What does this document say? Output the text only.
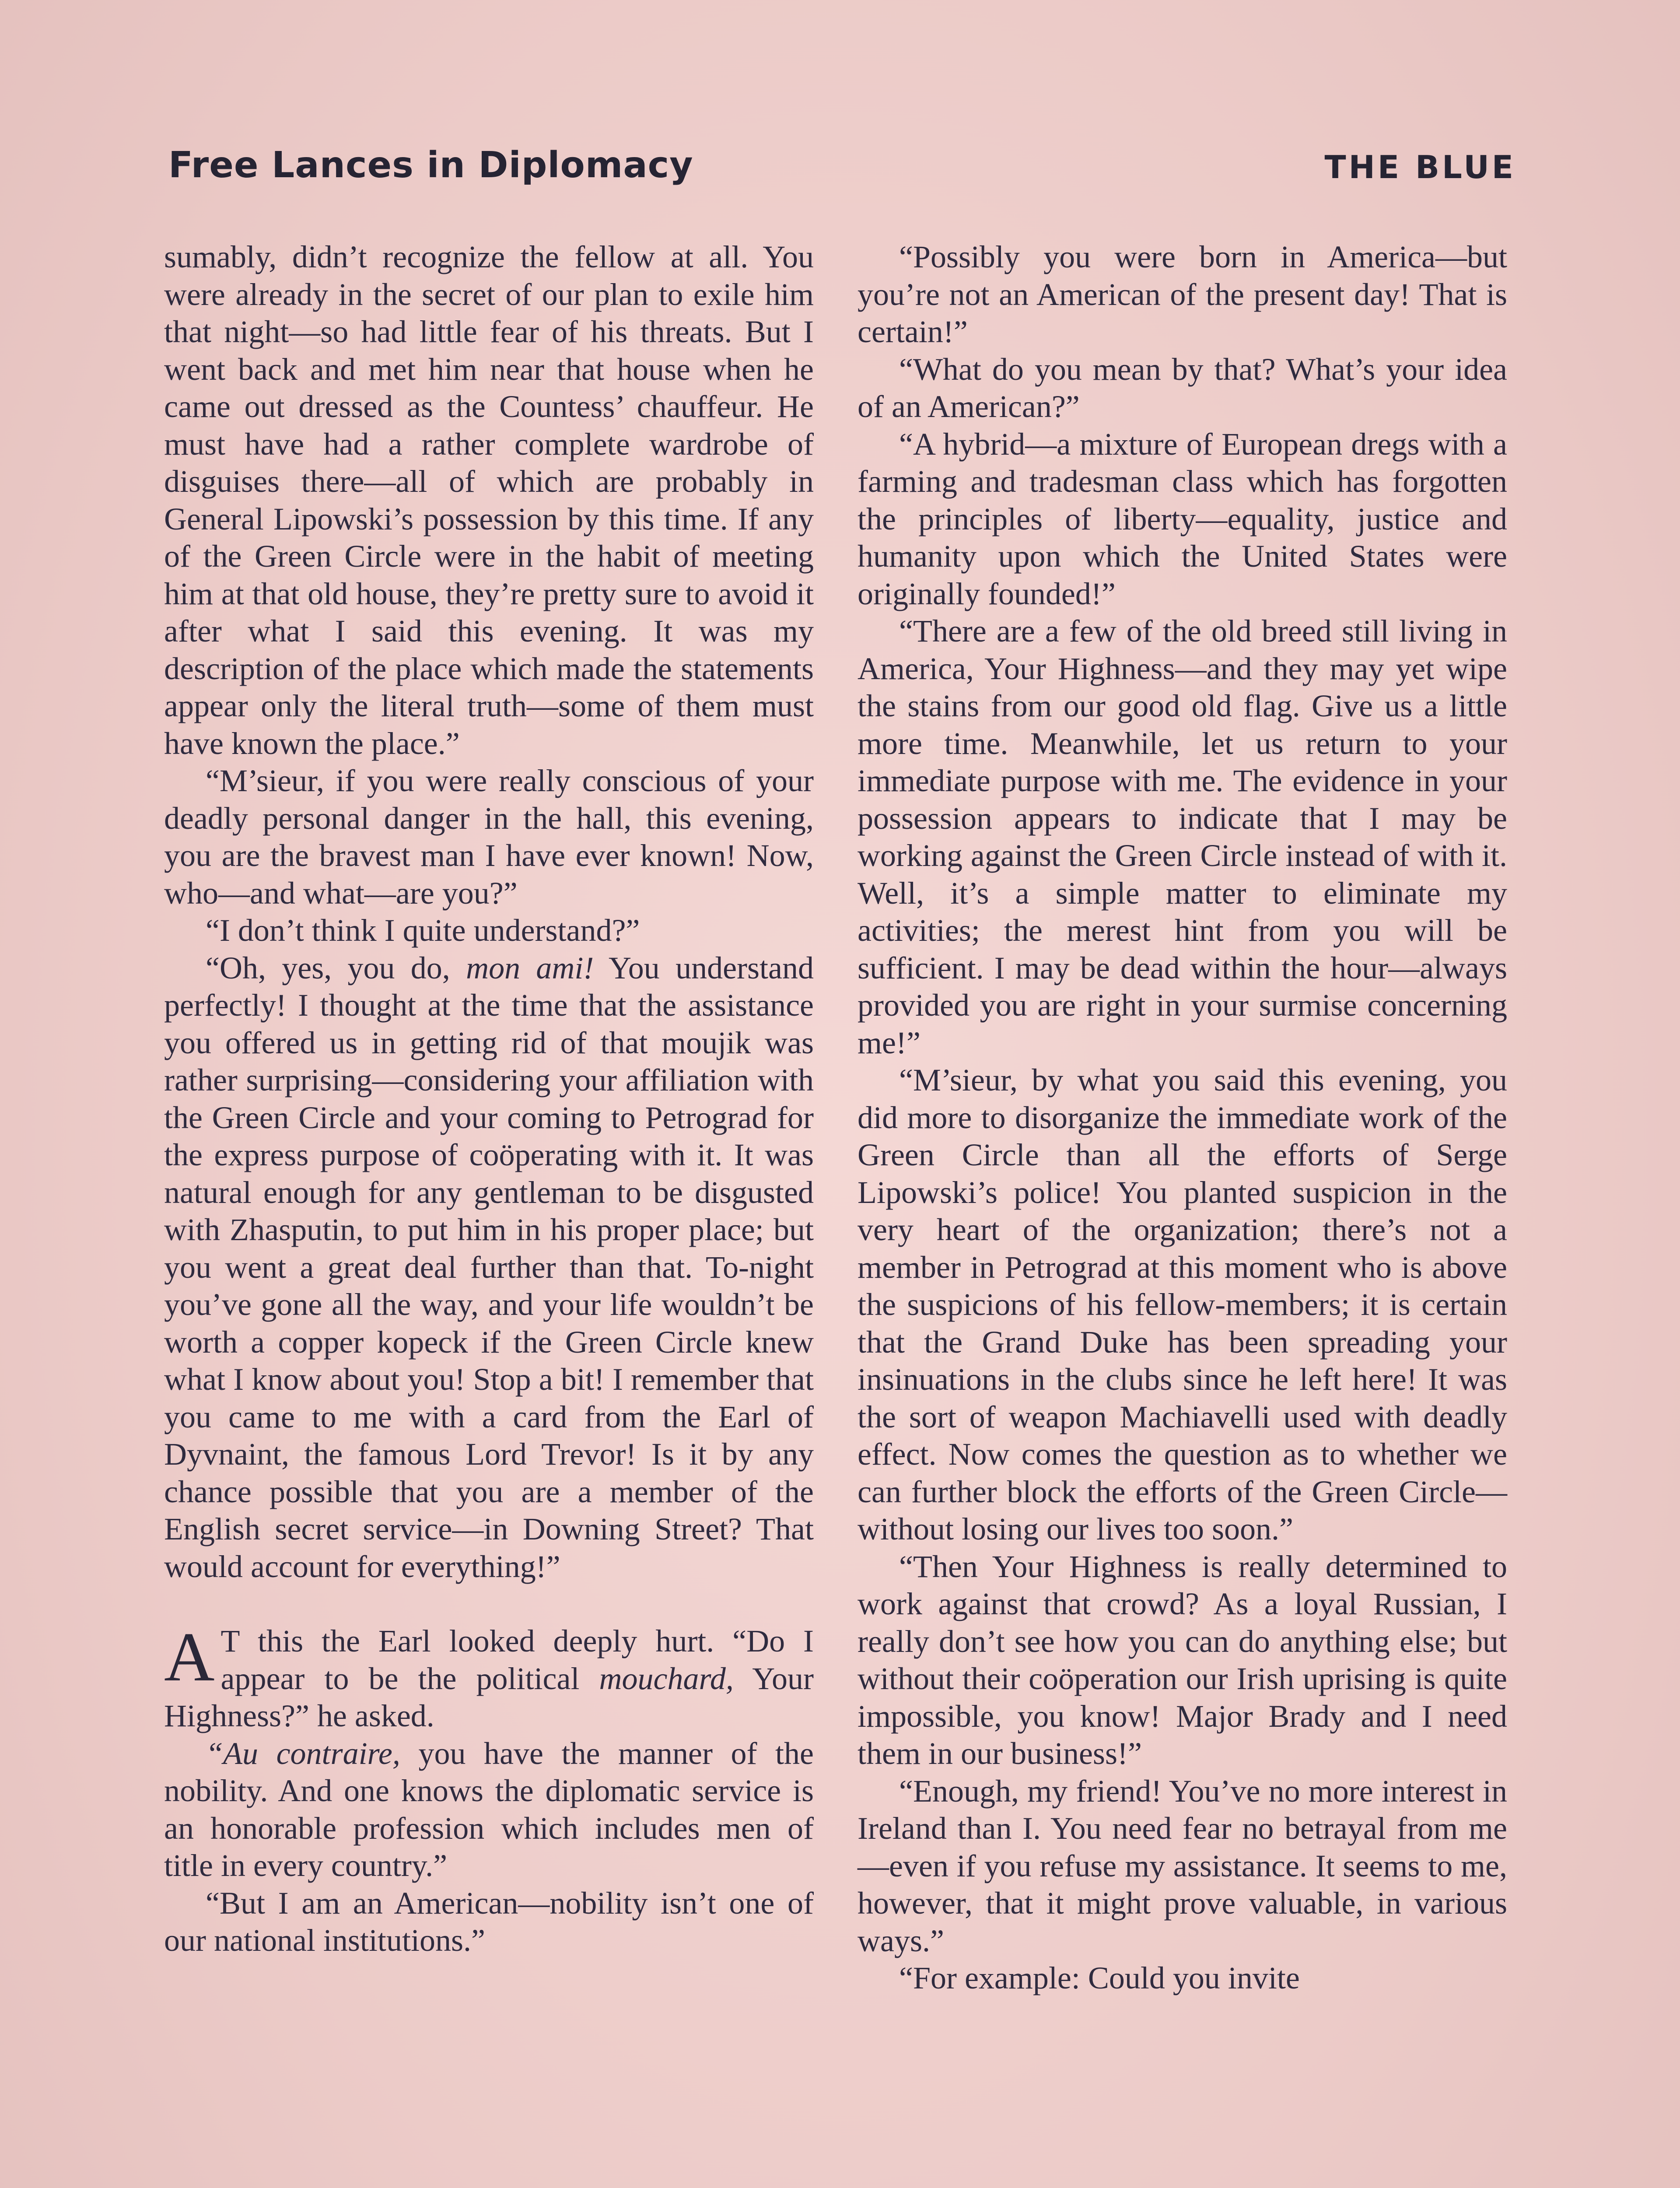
Free Lances in Diplomacy	THE BLUE

sumably, didn’t recognize the fellow at all. You were already in the secret of our plan to exile him that night—so had little fear of his threats. But I went back and met him near that house when he came out dressed as the Countess’ chauffeur. He must have had a rather complete wardrobe of disguises there—all of which are probably in General Lipowski’s possession by this time. If any of the Green Circle were in the habit of meeting him at that old house, they’re pretty sure to avoid it after what I said this evening. It was my description of the place which made the statements appear only the literal truth—some of them must have known the place.”

“M’sieur, if you were really conscious of your deadly personal danger in the hall, this evening, you are the bravest man I have ever known! Now, who—and what—are you?”

“I don’t think I quite understand?”

“Oh, yes, you do, mon ami! You understand perfectly! I thought at the time that the assistance you offered us in getting rid of that moujik was rather surprising—considering your affiliation with the Green Circle and your coming to Petrograd for the express purpose of coöperating with it. It was natural enough for any gentleman to be disgusted with Zhasputin, to put him in his proper place; but you went a great deal further than that. To-night you’ve gone all the way, and your life wouldn’t be worth a copper kopeck if the Green Circle knew what I know about you! Stop a bit! I remember that you came to me with a card from the Earl of Dyvnaint, the famous Lord Trevor! Is it by any chance possible that you are a member of the English secret service—in Downing Street? That would account for everything!”

A T this the Earl looked deeply hurt. “Do I appear to be the political mouchard, Your Highness?” he asked.

“Au contraire, you have the manner of the nobility. And one knows the diplomatic service is an honorable profession which includes men of title in every country.”

“But I am an American—nobility isn’t one of our national institutions.”

“Possibly you were born in America—but you’re not an American of the present day! That is certain!”

“What do you mean by that? What’s your idea of an American?”

“A hybrid—a mixture of European dregs with a farming and tradesman class which has forgotten the principles of liberty—equality, justice and humanity upon which the United States were originally founded!”

“There are a few of the old breed still living in America, Your Highness—and they may yet wipe the stains from our good old flag. Give us a little more time. Meanwhile, let us return to your immediate purpose with me. The evidence in your possession appears to indicate that I may be working against the Green Circle instead of with it. Well, it’s a simple matter to eliminate my activities; the merest hint from you will be sufficient. I may be dead within the hour—always provided you are right in your surmise concerning me!”

“M’sieur, by what you said this evening, you did more to disorganize the immediate work of the Green Circle than all the efforts of Serge Lipowski’s police! You planted suspicion in the very heart of the organization; there’s not a member in Petrograd at this moment who is above the suspicions of his fellow-members; it is certain that the Grand Duke has been spreading your insinuations in the clubs since he left here! It was the sort of weapon Machiavelli used with deadly effect. Now comes the question as to whether we can further block the efforts of the Green Circle—without losing our lives too soon.”

“Then Your Highness is really determined to work against that crowd? As a loyal Russian, I really don’t see how you can do anything else; but without their coöperation our Irish uprising is quite impossible, you know! Major Brady and I need them in our business!”

“Enough, my friend! You’ve no more interest in Ireland than I. You need fear no betrayal from me—even if you refuse my assistance. It seems to me, however, that it might prove valuable, in various ways.”

“For example: Could you invite
